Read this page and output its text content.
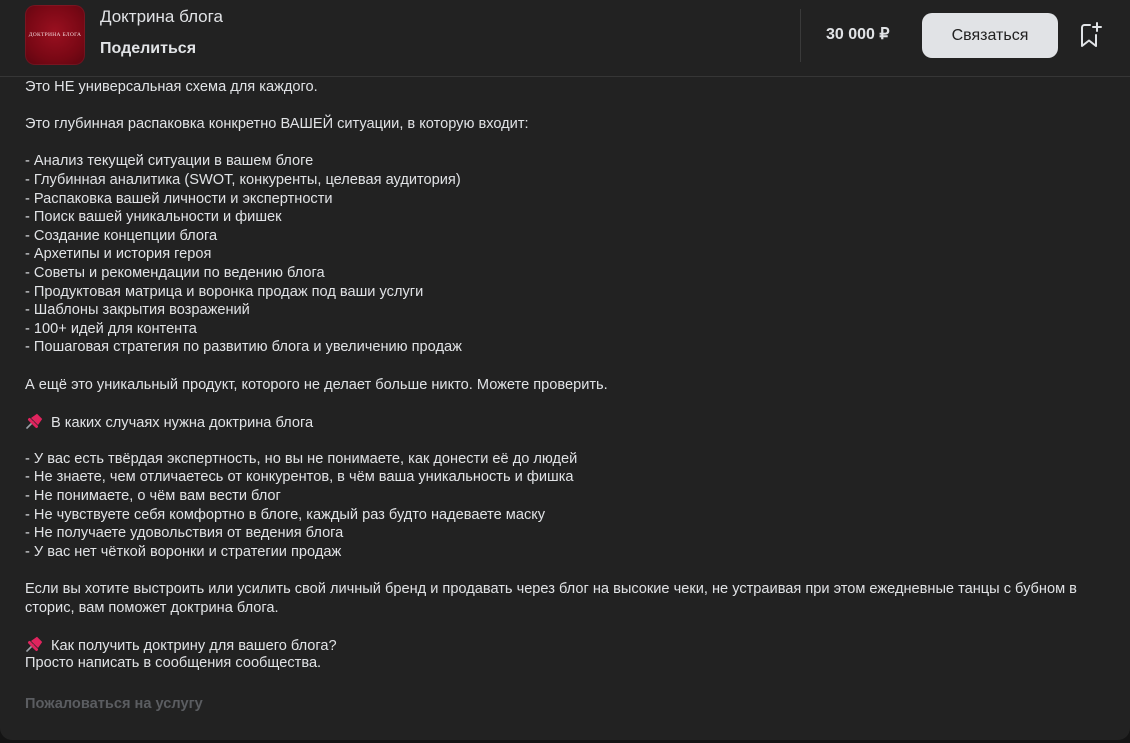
ДОКТРИНА БЛОГА
Доктрина блога
Поделиться
30 000 ₽	Связаться
Это НЕ универсальная схема для каждого.
Это глубинная распаковка конкретно ВАШЕЙ ситуации, в которую входит:
- Анализ текущей ситуации в вашем блоге
- Глубинная аналитика (SWOT, конкуренты, целевая аудитория)
- Распаковка вашей личности и экспертности
- Поиск вашей уникальности и фишек
- Создание концепции блога
- Архетипы и история героя
- Советы и рекомендации по ведению блога
- Продуктовая матрица и воронка продаж под ваши услуги
- Шаблоны закрытия возражений
- 100+ идей для контента
- Пошаговая стратегия по развитию блога и увеличению продаж
А ещё это уникальный продукт, которого не делает больше никто. Можете проверить.
В каких случаях нужна доктрина блога
- У вас есть твёрдая экспертность, но вы не понимаете, как донести её до людей
- Не знаете, чем отличаетесь от конкурентов, в чём ваша уникальность и фишка
- Не понимаете, о чём вам вести блог
- Не чувствуете себя комфортно в блоге, каждый раз будто надеваете маску
- Не получаете удовольствия от ведения блога
- У вас нет чёткой воронки и стратегии продаж
Если вы хотите выстроить или усилить свой личный бренд и продавать через блог на высокие чеки, не устраивая при этом ежедневные танцы с бубном в сторис, вам поможет доктрина блога.
Как получить доктрину для вашего блога?
Просто написать в сообщения сообщества.
Пожаловаться на услугу
